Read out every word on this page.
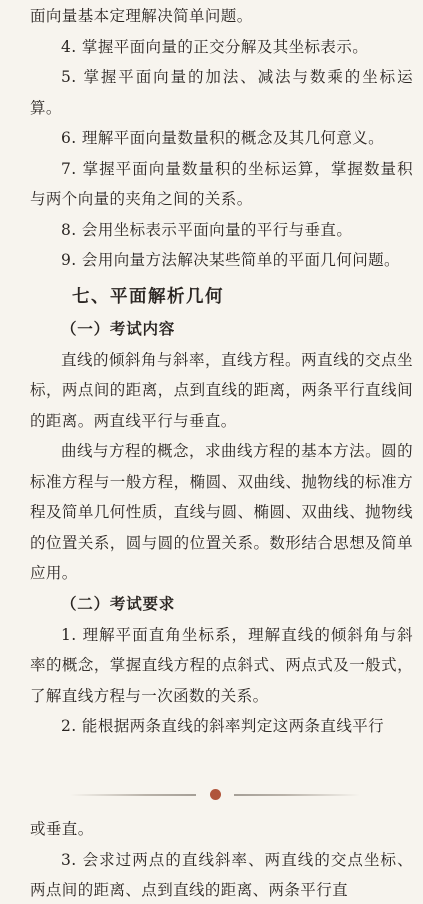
面向量基本定理解决简单问题。

4. 掌握平面向量的正交分解及其坐标表示。

5. 掌握平面向量的加法、减法与数乘的坐标运算。

6. 理解平面向量数量积的概念及其几何意义。

7. 掌握平面向量数量积的坐标运算，掌握数量积与两个向量的夹角之间的关系。

8. 会用坐标表示平面向量的平行与垂直。

9. 会用向量方法解决某些简单的平面几何问题。

七、平面解析几何
（一）考试内容

直线的倾斜角与斜率，直线方程。两直线的交点坐标，两点间的距离，点到直线的距离，两条平行直线间的距离。两直线平行与垂直。

曲线与方程的概念，求曲线方程的基本方法。圆的标准方程与一般方程，椭圆、双曲线、抛物线的标准方程及简单几何性质，直线与圆、椭圆、双曲线、抛物线的位置关系，圆与圆的位置关系。数形结合思想及简单应用。

（二）考试要求

1. 理解平面直角坐标系，理解直线的倾斜角与斜率的概念，掌握直线方程的点斜式、两点式及一般式，了解直线方程与一次函数的关系。

2. 能根据两条直线的斜率判定这两条直线平行

或垂直。

3. 会求过两点的直线斜率、两直线的交点坐标、两点间的距离、点到直线的距离、两条平行直
